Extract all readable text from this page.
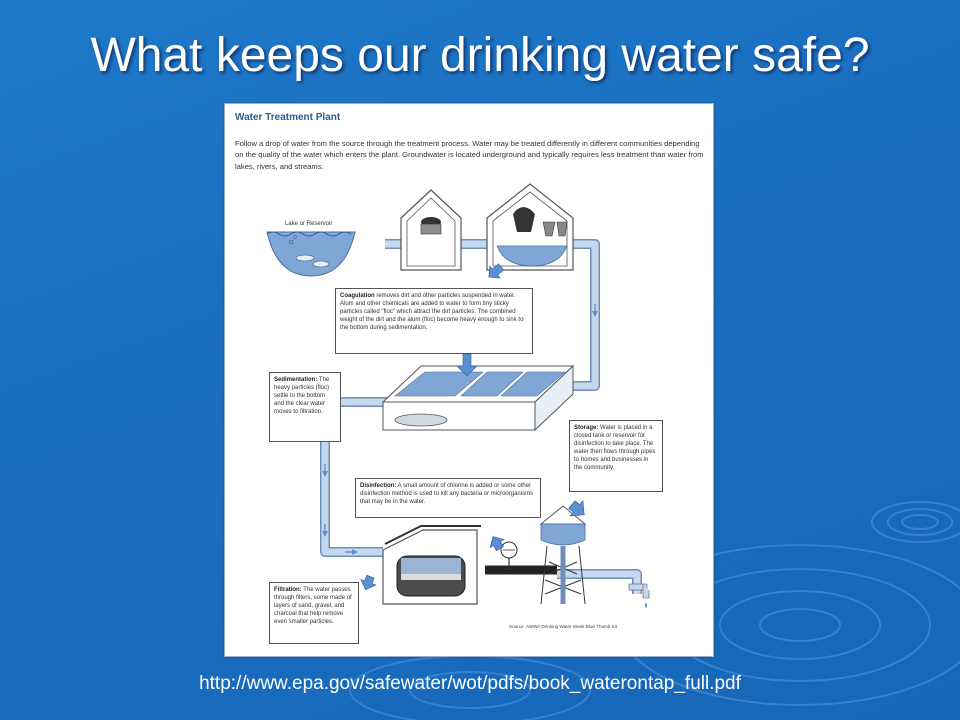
What keeps our drinking water safe?
Water Treatment Plant
Follow a drop of water from the source through the treatment process. Water may be treated differently in different communities depending on the quality of the water which enters the plant. Groundwater is located underground and typically requires less treatment than water from lakes, rivers, and streams.
Lake or Reservoir
Coagulation removes dirt and other particles suspended in water. Alum and other chemicals are added to water to form tiny sticky particles called "floc" which attract the dirt particles. The combined weight of the dirt and the alum (floc) become heavy enough to sink to the bottom during sedimentation.
Sedimentation: The heavy particles (floc) settle to the bottom and the clear water moves to filtration.
Storage: Water is placed in a closed tank or reservoir for disinfection to take place. The water then flows through pipes to homes and businesses in the community.
Disinfection: A small amount of chlorine is added or some other disinfection method is used to kill any bacteria or microorganisms that may be in the water.
Filtration: The water passes through filters, some made of layers of sand, gravel, and charcoal that help remove even smaller particles.
Source: AWWA Drinking Water Week Blue Thumb Kit
http://www.epa.gov/safewater/wot/pdfs/book_waterontap_full.pdf
